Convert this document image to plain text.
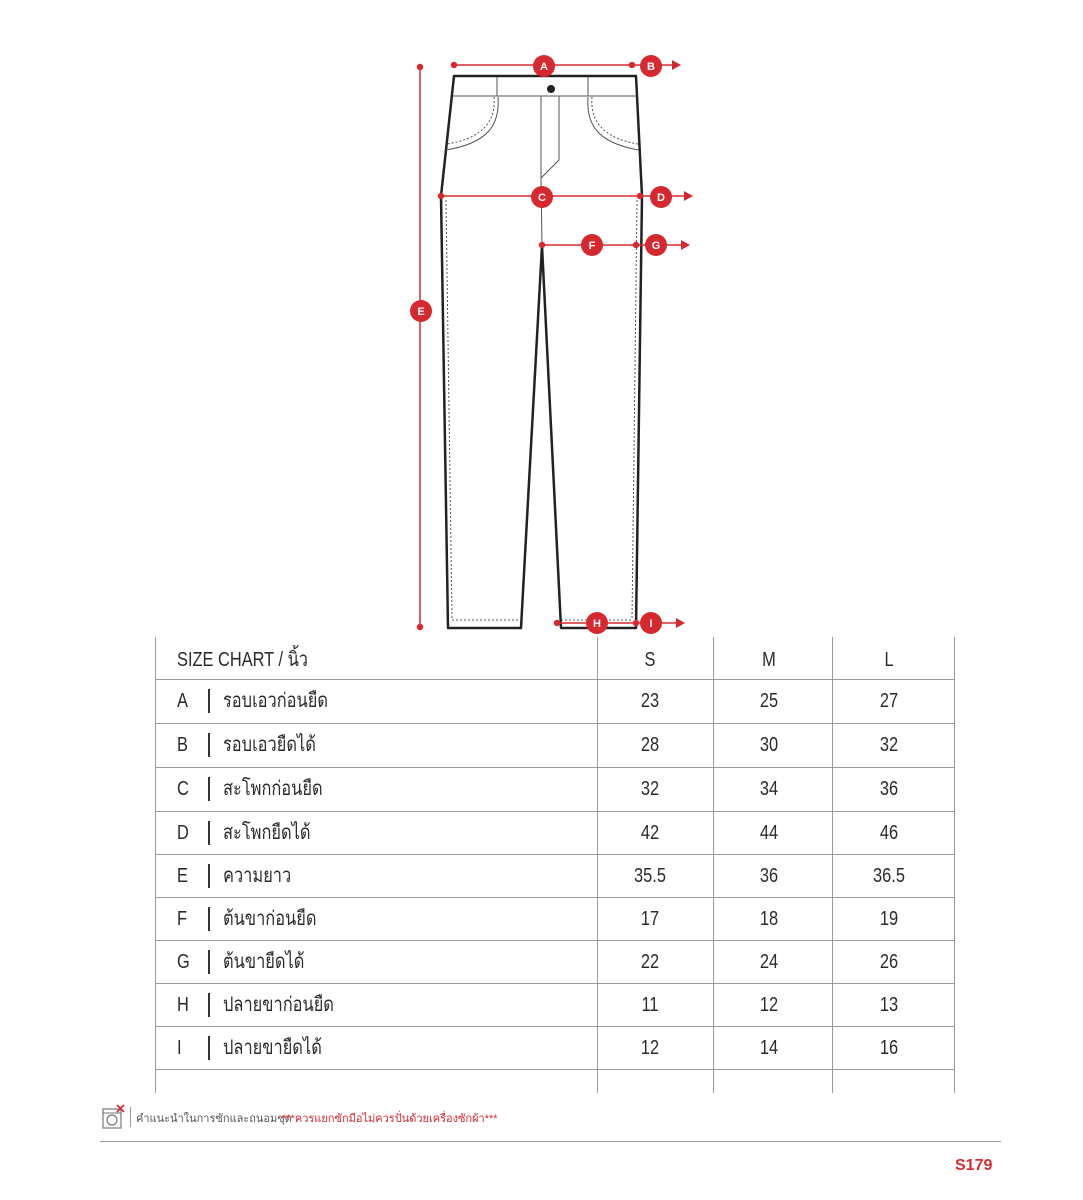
A	B
C	D
E
F	G
H	I
SIZE CHART / นิ้ว	S	M	L
A รอบเอวก่อนยืด	23	25	27
B รอบเอวยืดได้	28	30	32
C สะโพกก่อนยืด	32	34	36
D สะโพกยืดได้	42	44	46
E ความยาว	35.5	36	36.5
F ต้นขาก่อนยืด	17	18	19
G ต้นขายืดได้	22	24	26
H ปลายขาก่อนยืด	11	12	13
I ปลายขายืดได้	12	14	16
คำแนะนำในการซักและถนอมชุด
***ควรแยกซักมือไม่ควรปั่นด้วยเครื่องซักผ้า***
S179
